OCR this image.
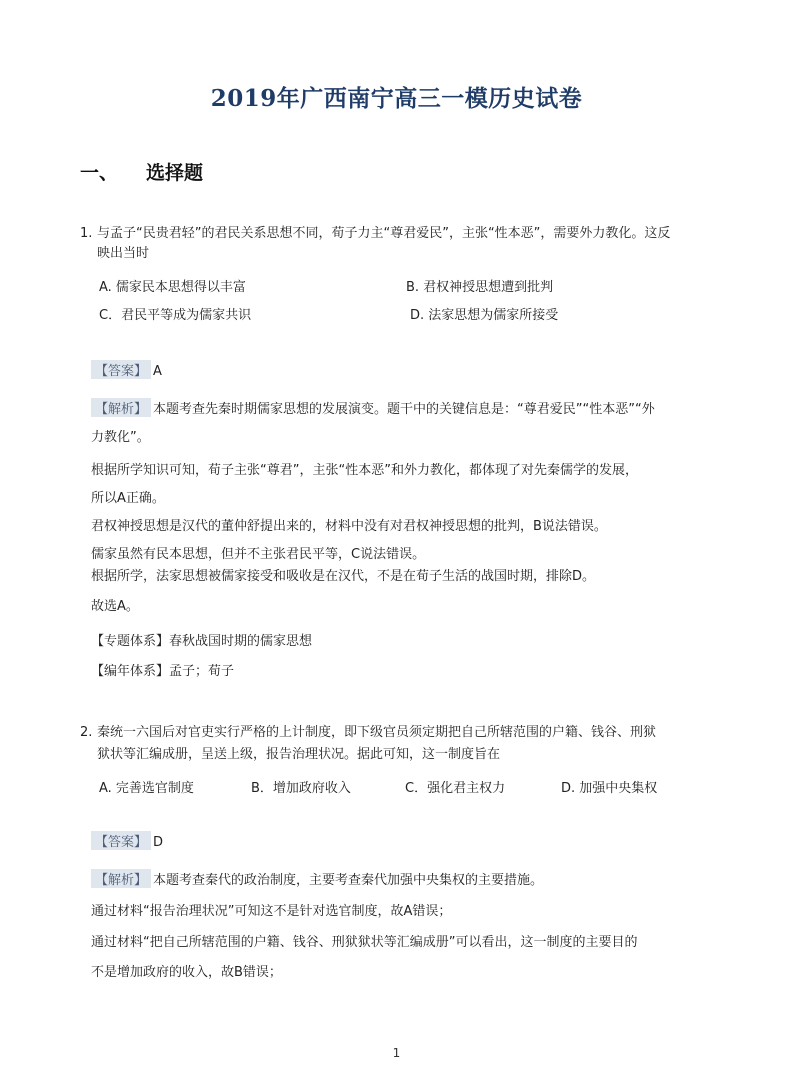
2019年广西南宁高三一模历史试卷
一、 选择题
1. 与孟子“民贵君轻”的君民关系思想不同，荀子力主“尊君爱民”，主张“性本恶”，需要外力教化。这反
映出当时
A. 儒家民本思想得以丰富	B. 君权神授思想遭到批判
C．君民平等成为儒家共识	D. 法家思想为儒家所接受
【答案】 A
【解析】 本题考查先秦时期儒家思想的发展演变。题干中的关键信息是：“尊君爱民”“性本恶”“外
力教化”。
根据所学知识可知，荀子主张“尊君”，主张“性本恶”和外力教化，都体现了对先秦儒学的发展，
所以A正确。
君权神授思想是汉代的董仲舒提出来的，材料中没有对君权神授思想的批判，B说法错误。
儒家虽然有民本思想，但并不主张君民平等，C说法错误。
根据所学，法家思想被儒家接受和吸收是在汉代，不是在荀子生活的战国时期，排除D。
故选A。
【专题体系】春秋战国时期的儒家思想
【编年体系】孟子；荀子
2. 秦统一六国后对官吏实行严格的上计制度，即下级官员须定期把自己所辖范围的户籍、钱谷、刑狱
狱状等汇编成册，呈送上级，报告治理状况。据此可知，这一制度旨在
A. 完善选官制度	B．增加政府收入	C．强化君主权力	D. 加强中央集权
【答案】 D
【解析】 本题考查秦代的政治制度，主要考查秦代加强中央集权的主要措施。
通过材料“报告治理状况”可知这不是针对选官制度，故A错误；
通过材料“把自己所辖范围的户籍、钱谷、刑狱狱状等汇编成册”可以看出，这一制度的主要目的
不是增加政府的收入，故B错误；
1
